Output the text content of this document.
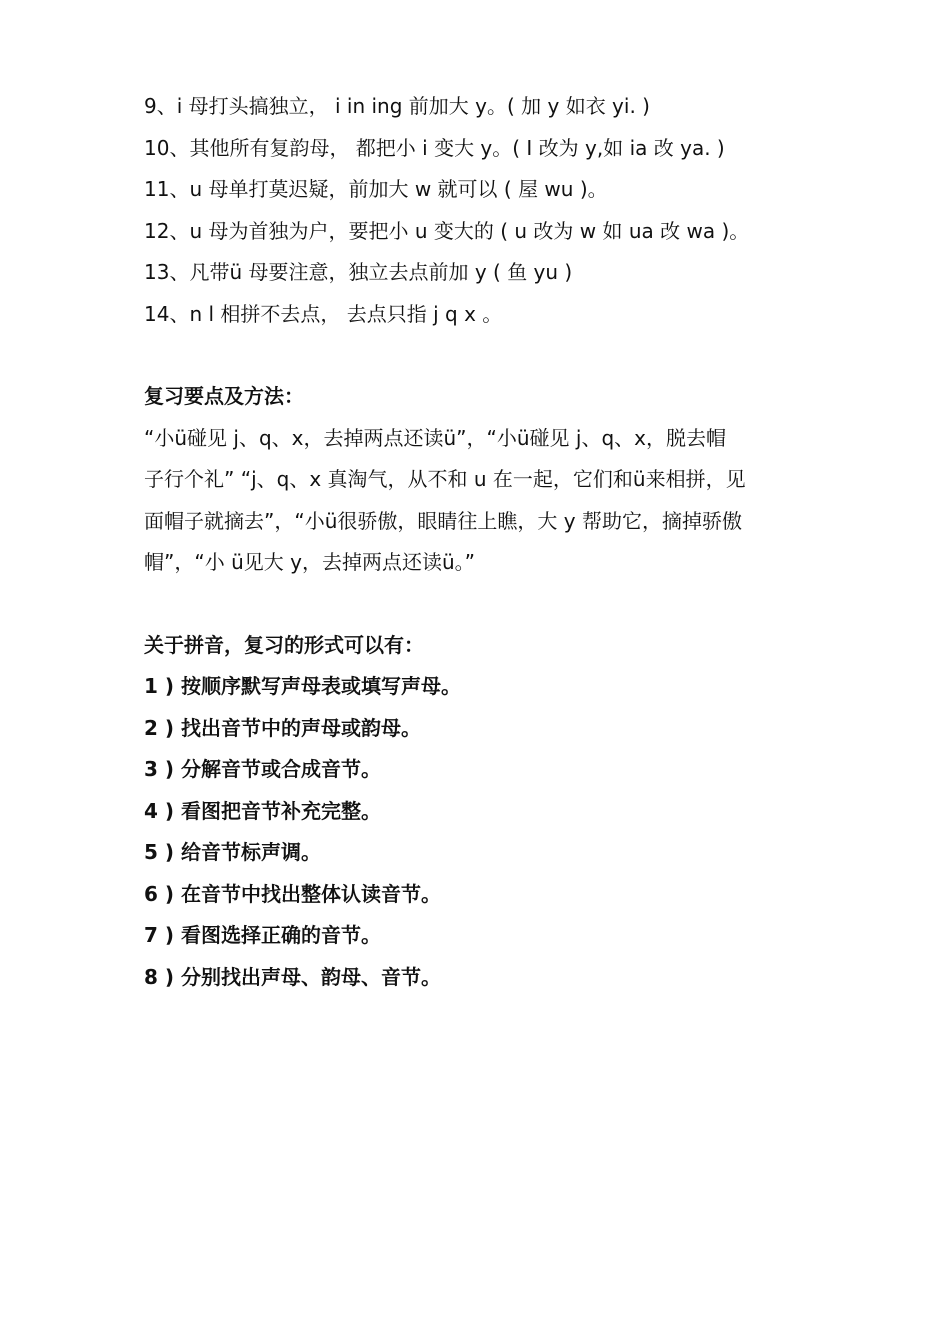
9、i 母打头搞独立， i in ing 前加大 y。( 加 y 如衣 yi. )
10、其他所有复韵母， 都把小 i 变大 y。( I 改为 y,如 ia 改 ya. )
11、u 母单打莫迟疑，前加大 w 就可以 ( 屋 wu )。
12、u 母为首独为户，要把小 u 变大的 ( u 改为 w 如 ua 改 wa )。
13、凡带ü 母要注意，独立去点前加 y ( 鱼 yu )
14、n l 相拼不去点， 去点只指 j q x 。
复习要点及方法：
“小ü碰见 j、q、x，去掉两点还读ü”，“小ü碰见 j、q、x，脱去帽
子行个礼” “j、q、x 真淘气，从不和 u 在一起，它们和ü来相拼，见
面帽子就摘去”，“小ü很骄傲，眼睛往上瞧，大 y 帮助它，摘掉骄傲
帽”，“小 ü见大 y，去掉两点还读ü。”
关于拼音，复习的形式可以有：
1 ) 按顺序默写声母表或填写声母。
2 ) 找出音节中的声母或韵母。
3 ) 分解音节或合成音节。
4 ) 看图把音节补充完整。
5 ) 给音节标声调。
6 ) 在音节中找出整体认读音节。
7 ) 看图选择正确的音节。
8 ) 分别找出声母、韵母、音节。
